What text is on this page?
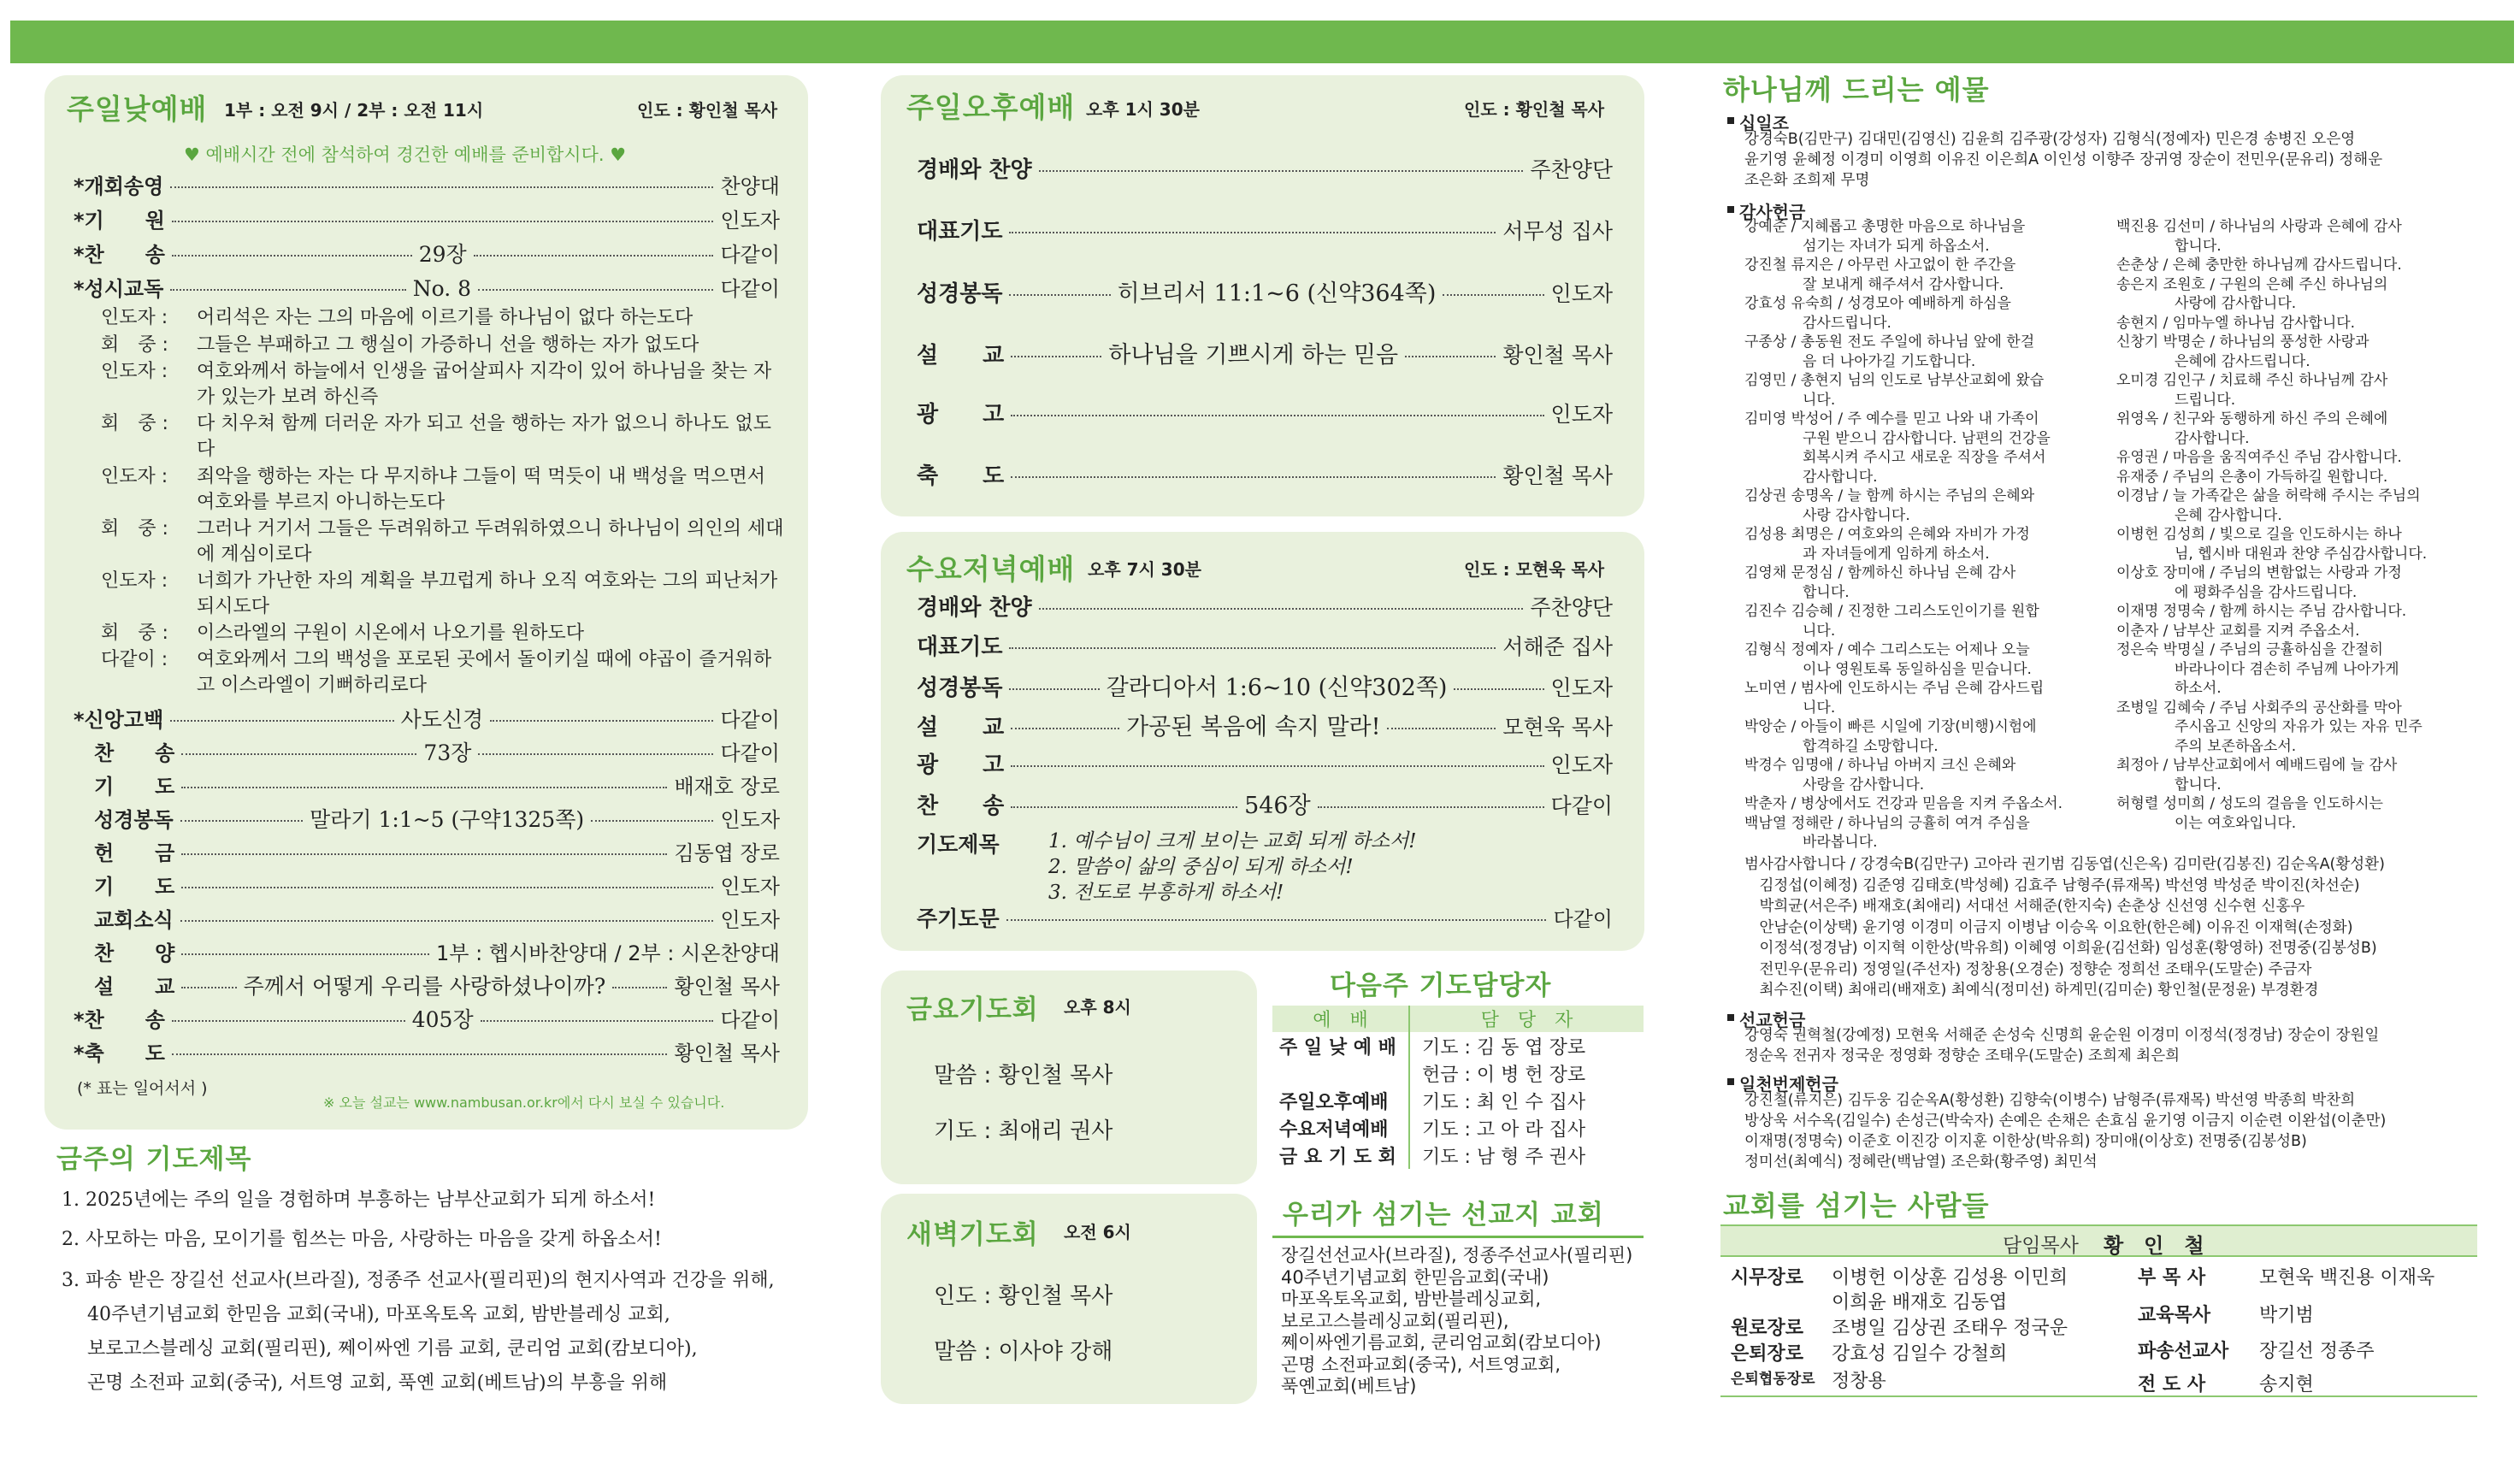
주일낮예배 1부 : 오전 9시 / 2부 : 오전 11시	인도 : 황인철 목사
♥ 예배시간 전에 참석하여 경건한 예배를 준비합시다. ♥
*개회송영	찬양대
*기　　원	인도자
*찬　　송	29장	다같이
*성시교독	No. 8	다같이
인도자 :	어리석은 자는 그의 마음에 이르기를 하나님이 없다 하는도다
회　중 :	그들은 부패하고 그 행실이 가증하니 선을 행하는 자가 없도다
인도자 :	여호와께서 하늘에서 인생을 굽어살피사 지각이 있어 하나님을 찾는 자가 있는가 보려 하신즉
회　중 :	다 치우쳐 함께 더러운 자가 되고 선을 행하는 자가 없으니 하나도 없도다
인도자 :	죄악을 행하는 자는 다 무지하냐 그들이 떡 먹듯이 내 백성을 먹으면서 여호와를 부르지 아니하는도다
회　중 :	그러나 거기서 그들은 두려워하고 두려워하였으니 하나님이 의인의 세대에 계심이로다
인도자 :	너희가 가난한 자의 계획을 부끄럽게 하나 오직 여호와는 그의 피난처가 되시도다
회　중 :	이스라엘의 구원이 시온에서 나오기를 원하도다
다같이 :	여호와께서 그의 백성을 포로된 곳에서 돌이키실 때에 야곱이 즐거워하고 이스라엘이 기뻐하리로다
*신앙고백	사도신경	다같이
　찬　　송	73장	다같이
　기　　도	배재호 장로
　성경봉독	말라기 1:1~5 (구약1325쪽)	인도자
　헌　　금	김동엽 장로
　기　　도	인도자
　교회소식	인도자
　찬　　양	1부 : 헵시바찬양대 / 2부 : 시온찬양대
　설　　교	주께서 어떻게 우리를 사랑하셨나이까?	황인철 목사
*찬　　송	405장	다같이
*축　　도	황인철 목사
(* 표는 일어서서 )
※ 오늘 설교는 www.nambusan.or.kr에서 다시 보실 수 있습니다.
금주의 기도제목
1. 2025년에는 주의 일을 경험하며 부흥하는 남부산교회가 되게 하소서!
2. 사모하는 마음, 모이기를 힘쓰는 마음, 사랑하는 마음을 갖게 하옵소서!
3. 파송 받은 장길선 선교사(브라질), 정종주 선교사(필리핀)의 현지사역과 건강을 위해,
40주년기념교회 한믿음 교회(국내), 마포옥토옥 교회, 밤반블레싱 교회,
보로고스블레싱 교회(필리핀), 쩨이싸엔 기름 교회, 쿤리엄 교회(캄보디아),
곤명 소전파 교회(중국), 서트영 교회, 푹옌 교회(베트남)의 부흥을 위해
주일오후예배 오후 1시 30분	인도 : 황인철 목사
경배와 찬양	주찬양단
대표기도	서무성 집사
성경봉독	히브리서 11:1~6 (신약364쪽)	인도자
설　　교	하나님을 기쁘시게 하는 믿음	황인철 목사
광　　고	인도자
축　　도	황인철 목사
수요저녁예배 오후 7시 30분	인도 : 모현욱 목사
경배와 찬양	주찬양단
대표기도	서해준 집사
성경봉독	갈라디아서 1:6~10 (신약302쪽)	인도자
설　　교	가공된 복음에 속지 말라!	모현욱 목사
광　　고	인도자
찬　　송	546장	다같이
기도제목 1. 예수님이 크게 보이는 교회 되게 하소서!
2. 말씀이 삶의 중심이 되게 하소서!
3. 전도로 부흥하게 하소서!
주기도문	다같이
금요기도회 오후 8시
말씀 : 황인철 목사
기도 : 최애리 권사
새벽기도회 오전 6시
인도 : 황인철 목사
말씀 : 이사야 강해
다음주 기도담당자
예　배	담　당　자
주 일 낮 예 배	기도 : 김 동 엽 장로
	헌금 : 이 병 헌 장로
주일오후예배	기도 : 최 인 수 집사
수요저녁예배	기도 : 고 아 라 집사
금 요 기 도 회	기도 : 남 형 주 권사
우리가 섬기는 선교지 교회
장길선선교사(브라질), 정종주선교사(필리핀)
40주년기념교회 한믿음교회(국내)
마포옥토옥교회, 밤반블레싱교회,
보로고스블레싱교회(필리핀),
쩨이싸엔기름교회, 쿤리엄교회(캄보디아)
곤명 소전파교회(중국), 서트영교회,
푹옌교회(베트남)
하나님께 드리는 예물
십일조
강경숙B(김만구) 김대민(김영신) 김윤희 김주광(강성자) 김형식(정예자) 민은경 송병진 오은영
윤기영 윤혜정 이경미 이영희 이유진 이은희A 이인성 이향주 장귀영 장순이 전민우(문유리) 정해운
조은화 조희제 무명
감사헌금
강예준 / 지혜롭고 총명한 마음으로 하나님을
　　　　섬기는 자녀가 되게 하옵소서.
강진철 류지은 / 아무런 사고없이 한 주간을
　　　　잘 보내게 해주셔서 감사합니다.
강효성 유숙희 / 성경모아 예배하게 하심을
　　　　감사드립니다.
구종상 / 총동원 전도 주일에 하나님 앞에 한걸
　　　　음 더 나아가길 기도합니다.
김영민 / 총현지 님의 인도로 남부산교회에 왔습
　　　　니다.
김미영 박성어 / 주 예수를 믿고 나와 내 가족이
　　　　구원 받으니 감사합니다. 남편의 건강을
　　　　회복시켜 주시고 새로운 직장을 주셔서
　　　　감사합니다.
김상권 송명옥 / 늘 함께 하시는 주님의 은혜와
　　　　사랑 감사합니다.
김성용 최명은 / 여호와의 은혜와 자비가 가정
　　　　과 자녀들에게 임하게 하소서.
김영채 문정심 / 함께하신 하나님 은혜 감사
　　　　합니다.
김진수 김승혜 / 진정한 그리스도인이기를 원합
　　　　니다.
김형식 정예자 / 예수 그리스도는 어제나 오늘
　　　　이나 영원토록 동일하심을 믿습니다.
노미연 / 범사에 인도하시는 주님 은혜 감사드립
　　　　니다.
박앙순 / 아들이 빠른 시일에 기장(비행)시험에
　　　　합격하길 소망합니다.
박경수 임명애 / 하나님 아버지 크신 은혜와
　　　　사랑을 감사합니다.
박춘자 / 병상에서도 건강과 믿음을 지켜 주옵소서.
백남열 정해란 / 하나님의 긍휼히 여겨 주심을
　　　　바라봅니다.
백진용 김선미 / 하나님의 사랑과 은혜에 감사
　　　　합니다.
손춘상 / 은혜 충만한 하나님께 감사드립니다.
송은지 조원호 / 구원의 은혜 주신 하나님의
　　　　사랑에 감사합니다.
송현지 / 임마누엘 하나님 감사합니다.
신창기 박명순 / 하나님의 풍성한 사랑과
　　　　은혜에 감사드립니다.
오미경 김인구 / 치료해 주신 하나님께 감사
　　　　드립니다.
위영옥 / 친구와 동행하게 하신 주의 은혜에
　　　　감사합니다.
유영권 / 마음을 움직여주신 주님 감사합니다.
유재중 / 주님의 은총이 가득하길 원합니다.
이경남 / 늘 가족같은 삶을 허락해 주시는 주님의
　　　　은혜 감사합니다.
이병헌 김성희 / 빛으로 길을 인도하시는 하나
　　　　님, 헵시바 대원과 찬양 주심감사합니다.
이상호 장미애 / 주님의 변함없는 사랑과 가정
　　　　에 평화주심을 감사드립니다.
이재명 정명숙 / 함께 하시는 주님 감사합니다.
이춘자 / 남부산 교회를 지켜 주옵소서.
정은숙 박명실 / 주님의 긍휼하심을 간절히
　　　　바라나이다 겸손히 주님께 나아가게
　　　　하소서.
조병일 김혜숙 / 주님 사회주의 공산화를 막아
　　　　주시옵고 신앙의 자유가 있는 자유 민주
　　　　주의 보존하옵소서.
최정아 / 남부산교회에서 예배드림에 늘 감사
　　　　합니다.
허형렬 성미희 / 성도의 걸음을 인도하시는
　　　　이는 여호와입니다.
범사감사합니다 / 강경숙B(김만구) 고아라 권기범 김동엽(신은옥) 김미란(김봉진) 김순옥A(황성환)
　김정섭(이혜정) 김준영 김태호(박성혜) 김효주 남형주(류재목) 박선영 박성준 박이진(차선순)
　박희균(서은주) 배재호(최애리) 서대선 서해준(한지숙) 손춘상 신선영 신수현 신홍우
　안남순(이상택) 윤기영 이경미 이금지 이병남 이승옥 이요한(한은혜) 이유진 이재혁(손정화)
　이정석(정경남) 이지혁 이한상(박유희) 이혜영 이희윤(김선화) 임성훈(황영하) 전명중(김봉성B)
　전민우(문유리) 정영일(주선자) 정창용(오경순) 정향순 정희선 조태우(도말순) 주금자
　최수진(이택) 최애리(배재호) 최예식(정미선) 하계민(김미순) 황인철(문정윤) 부경환경
선교헌금
강영숙 권혁철(강예정) 모현욱 서해준 손성숙 신명희 윤순원 이경미 이정석(정경남) 장순이 장원일
정순옥 전귀자 정국운 정영화 정향순 조태우(도말순) 조희제 최은희
일천번제헌금
강진철(류지은) 김두웅 김순옥A(황성환) 김향숙(이병수) 남형주(류재목) 박선영 박종희 박찬희
방상욱 서수옥(김일수) 손성근(박숙자) 손예은 손채은 손효심 윤기영 이금지 이순련 이완섭(이춘만)
이재명(정명숙) 이준호 이진강 이지훈 이한상(박유희) 장미애(이상호) 전명중(김봉성B)
정미선(최예식) 정혜란(백남열) 조은화(황주영) 최민석
교회를 섬기는 사람들
담임목사 황　인　철
시무장로	이병헌 이상훈 김성용 이민희
이희윤 배재호 김동엽
원로장로	조병일 김상권 조태우 정국운
은퇴장로	강효성 김일수 강철희
은퇴협동장로 정창용
부 목 사	모현욱 백진용 이재욱
교육목사	박기범
파송선교사	장길선 정종주
전 도 사	송지현
